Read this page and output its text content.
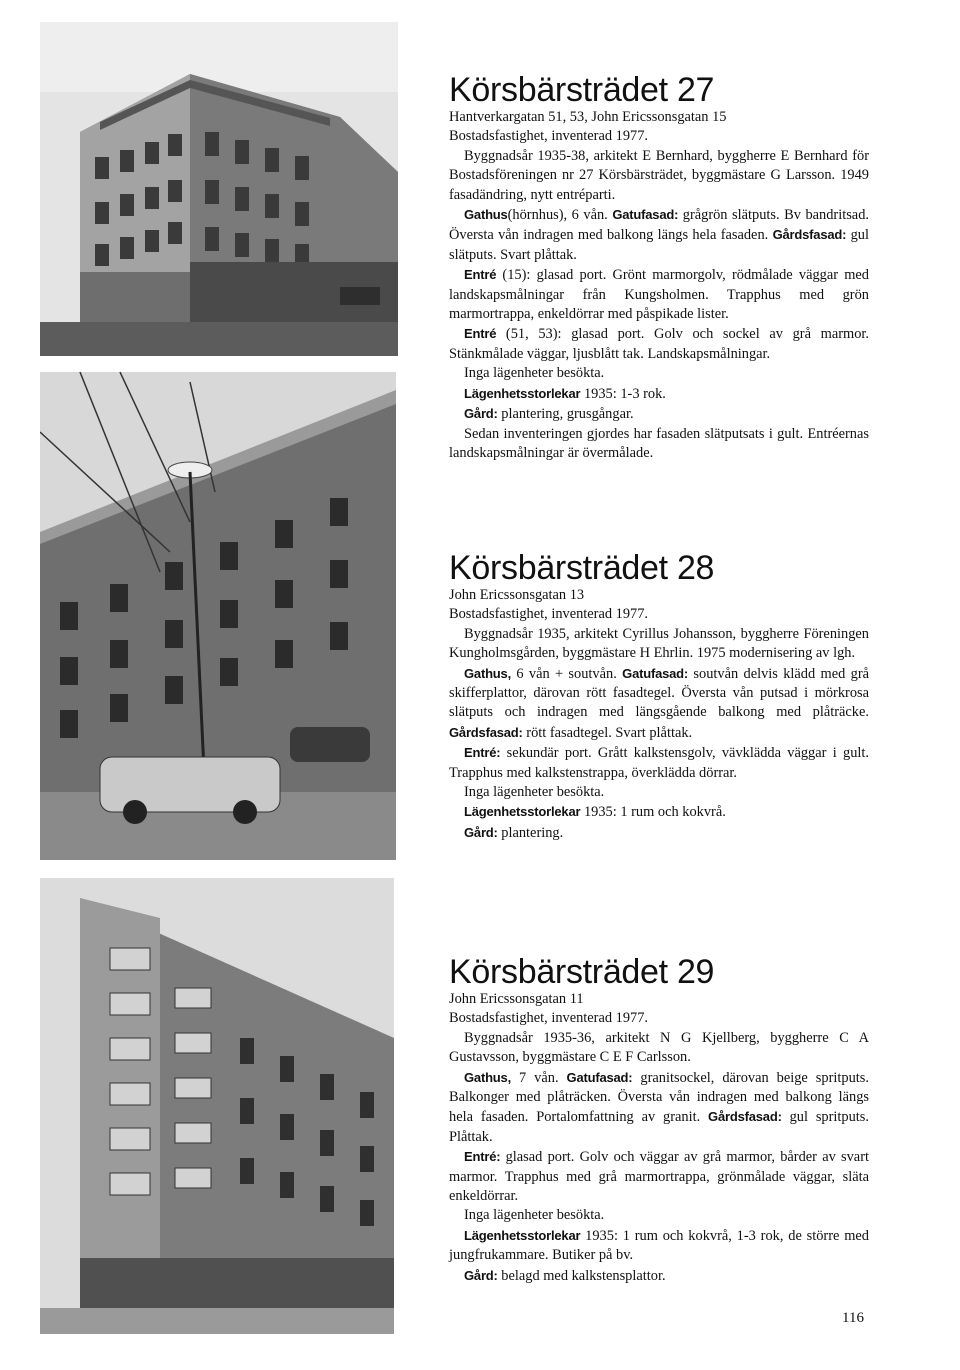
Körsbärsträdet 27

Hantverkargatan 51, 53, John Ericssonsgatan 15

Bostadsfastighet, inventerad 1977.

Byggnadsår 1935-38, arkitekt E Bernhard, byggherre E Bernhard för Bostadsföreningen nr 27 Körsbärsträdet, byggmästare G Larsson. 1949 fasadändring, nytt entréparti.

Gathus(hörnhus), 6 vån. Gatufasad: grågrön slätputs. Bv bandritsad. Översta vån indragen med balkong längs hela fasaden. Gårdsfasad: gul slätputs. Svart plåttak.

Entré (15): glasad port. Grönt marmorgolv, rödmålade väggar med landskapsmålningar från Kungsholmen. Trapphus med grön marmortrappa, enkeldörrar med påspikade lister.

Entré (51, 53): glasad port. Golv och sockel av grå marmor. Stänkmålade väggar, ljusblått tak. Landskapsmålningar.

Inga lägenheter besökta.

Lägenhetsstorlekar 1935: 1-3 rok.

Gård: plantering, grusgångar.

Sedan inventeringen gjordes har fasaden slätputsats i gult. Entréernas landskapsmålningar är övermålade.

Körsbärsträdet 28

John Ericssonsgatan 13

Bostadsfastighet, inventerad 1977.

Byggnadsår 1935, arkitekt Cyrillus Johansson, byggherre Föreningen Kungholmsgården, byggmästare H Ehrlin. 1975 modernisering av lgh.

Gathus, 6 vån + soutvån. Gatufasad: soutvån delvis klädd med grå skifferplattor, därovan rött fasadtegel. Översta vån putsad i mörkrosa slätputs och indragen med längsgående balkong med plåträcke. Gårdsfasad: rött fasadtegel. Svart plåttak.

Entré: sekundär port. Grått kalkstensgolv, vävklädda väggar i gult. Trapphus med kalkstenstrappa, överklädda dörrar.

Inga lägenheter besökta.

Lägenhetsstorlekar 1935: 1 rum och kokvrå.

Gård: plantering.

Körsbärsträdet 29

John Ericssonsgatan 11

Bostadsfastighet, inventerad 1977.

Byggnadsår 1935-36, arkitekt N G Kjellberg, byggherre C A Gustavsson, byggmästare C E F Carlsson.

Gathus, 7 vån. Gatufasad: granitsockel, därovan beige spritputs. Balkonger med plåträcken. Översta vån indragen med balkong längs hela fasaden. Portalomfattning av granit. Gårdsfasad: gul spritputs. Plåttak.

Entré: glasad port. Golv och väggar av grå marmor, bårder av svart marmor. Trapphus med grå marmortrappa, grönmålade väggar, släta enkeldörrar.

Inga lägenheter besökta.

Lägenhetsstorlekar 1935: 1 rum och kokvrå, 1-3 rok, de större med jungfrukammare. Butiker på bv.

Gård: belagd med kalkstensplattor.

116
